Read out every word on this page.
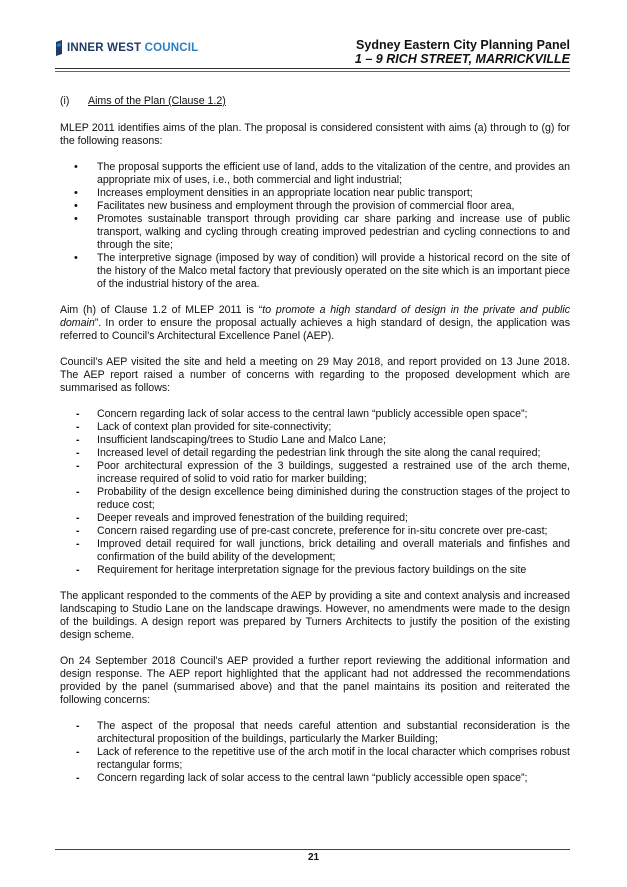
INNER WEST COUNCIL	Sydney Eastern City Planning Panel
1 – 9 RICH STREET, MARRICKVILLE

(i) Aims of the Plan (Clause 1.2)

MLEP 2011 identifies aims of the plan. The proposal is considered consistent with aims (a) through to (g) for the following reasons:

• The proposal supports the efficient use of land, adds to the vitalization of the centre, and provides an appropriate mix of uses, i.e., both commercial and light industrial;
• Increases employment densities in an appropriate location near public transport;
• Facilitates new business and employment through the provision of commercial floor area,
• Promotes sustainable transport through providing car share parking and increase use of public transport, walking and cycling through creating improved pedestrian and cycling connections to and through the site;
• The interpretive signage (imposed by way of condition) will provide a historical record on the site of the history of the Malco metal factory that previously operated on the site which is an important piece of the industrial history of the area.

Aim (h) of Clause 1.2 of MLEP 2011 is “to promote a high standard of design in the private and public domain”. In order to ensure the proposal actually achieves a high standard of design, the application was referred to Council’s Architectural Excellence Panel (AEP).

Council’s AEP visited the site and held a meeting on 29 May 2018, and report provided on 13 June 2018. The AEP report raised a number of concerns with regarding to the proposed development which are summarised as follows:

- Concern regarding lack of solar access to the central lawn “publicly accessible open space”;
- Lack of context plan provided for site-connectivity;
- Insufficient landscaping/trees to Studio Lane and Malco Lane;
- Increased level of detail regarding the pedestrian link through the site along the canal required;
- Poor architectural expression of the 3 buildings, suggested a restrained use of the arch theme, increase required of solid to void ratio for marker building;
- Probability of the design excellence being diminished during the construction stages of the project to reduce cost;
- Deeper reveals and improved fenestration of the building required;
- Concern raised regarding use of pre-cast concrete, preference for in-situ concrete over pre-cast;
- Improved detail required for wall junctions, brick detailing and overall materials and finfishes and confirmation of the build ability of the development;
- Requirement for heritage interpretation signage for the previous factory buildings on the site

The applicant responded to the comments of the AEP by providing a site and context analysis and increased landscaping to Studio Lane on the landscape drawings. However, no amendments were made to the design of the buildings. A design report was prepared by Turners Architects to justify the position of the existing design scheme.

On 24 September 2018 Council’s AEP provided a further report reviewing the additional information and design response. The AEP report highlighted that the applicant had not addressed the recommendations provided by the panel (summarised above) and that the panel maintains its position and reiterated the following concerns:

- The aspect of the proposal that needs careful attention and substantial reconsideration is the architectural proposition of the buildings, particularly the Marker Building;
- Lack of reference to the repetitive use of the arch motif in the local character which comprises robust rectangular forms;
- Concern regarding lack of solar access to the central lawn “publicly accessible open space”;
21
